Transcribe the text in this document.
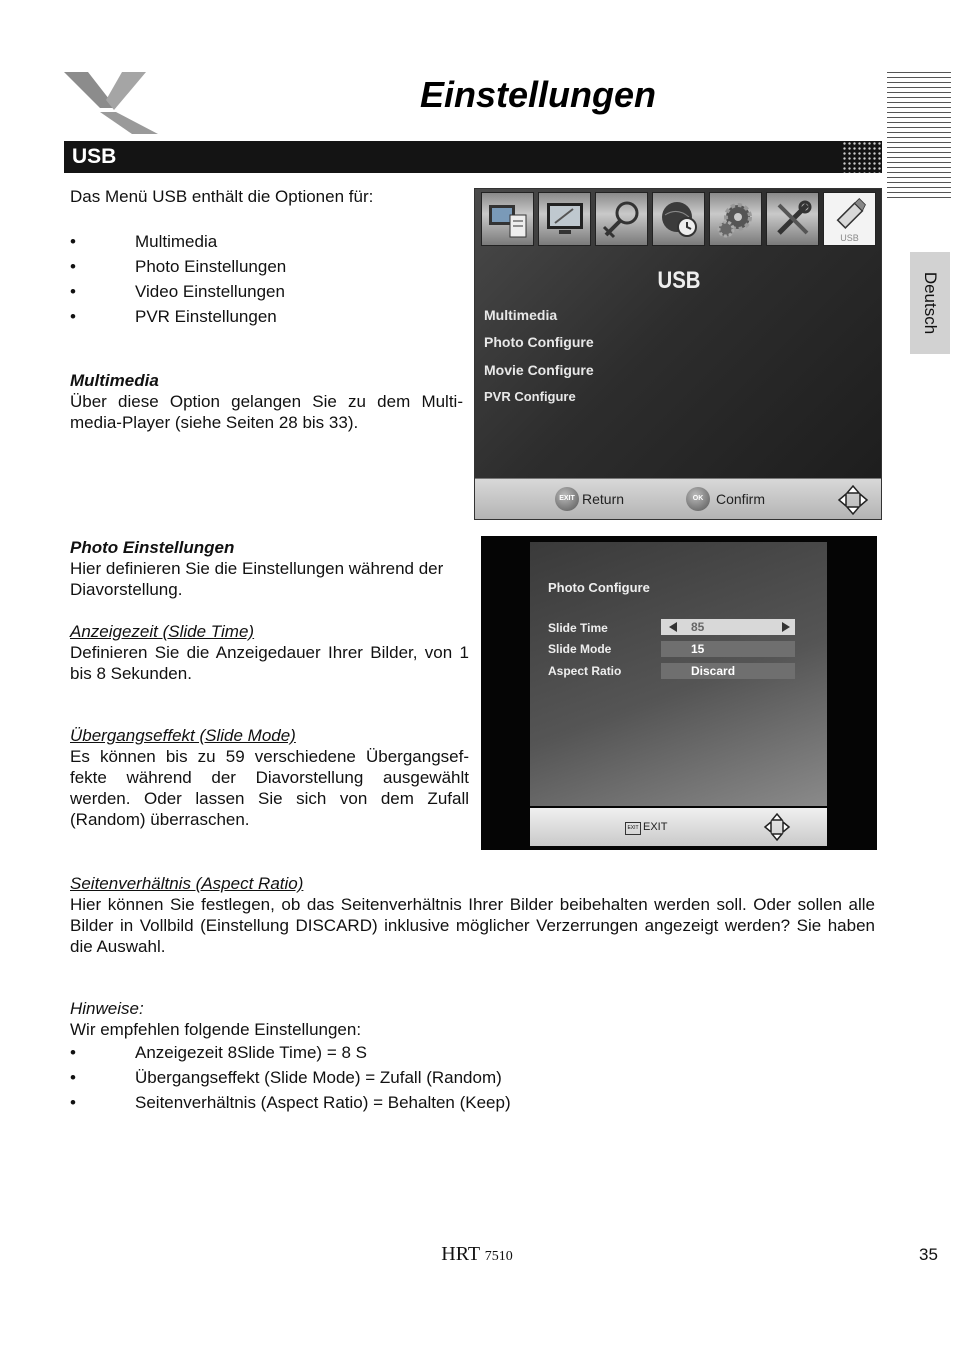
Einstellungen
Deutsch
USB
Das Menü USB enthält die Optionen für:
•	Multimedia
•	Photo Einstellungen
•	Video Einstellungen
•	PVR Einstellungen
Multimedia
Über diese Option gelangen Sie zu dem Multi-media-Player (siehe Seiten 28 bis 33).
USB
USB
Multimedia
Photo Configure
Movie Configure
PVR Configure
EXIT Return	OK Confirm
Photo Einstellungen
Hier definieren Sie die Einstellungen während der Diavorstellung.
Anzeigezeit (Slide Time)
Definieren Sie die Anzeigedauer Ihrer Bilder, von 1 bis 8 Sekunden.
Übergangseffekt (Slide Mode)
Es können bis zu 59 verschiedene Übergangsef-fekte während der Diavorstellung ausgewählt werden. Oder lassen Sie sich von dem Zufall (Random) überraschen.
Photo Configure
Slide Time	85
Slide Mode	15
Aspect Ratio	Discard
EXIT EXIT
Seitenverhältnis (Aspect Ratio)
Hier können Sie festlegen, ob das Seitenverhältnis Ihrer Bilder beibehalten werden soll. Oder sollen alle Bilder in Vollbild (Einstellung DISCARD) inklusive möglicher Verzerrungen angezeigt werden? Sie haben die Auswahl.
Hinweise:
Wir empfehlen folgende Einstellungen:
•	Anzeigezeit 8Slide Time) = 8 S
•	Übergangseffekt (Slide Mode) = Zufall (Random)
•	Seitenverhältnis (Aspect Ratio) = Behalten (Keep)
HRT 7510	35
